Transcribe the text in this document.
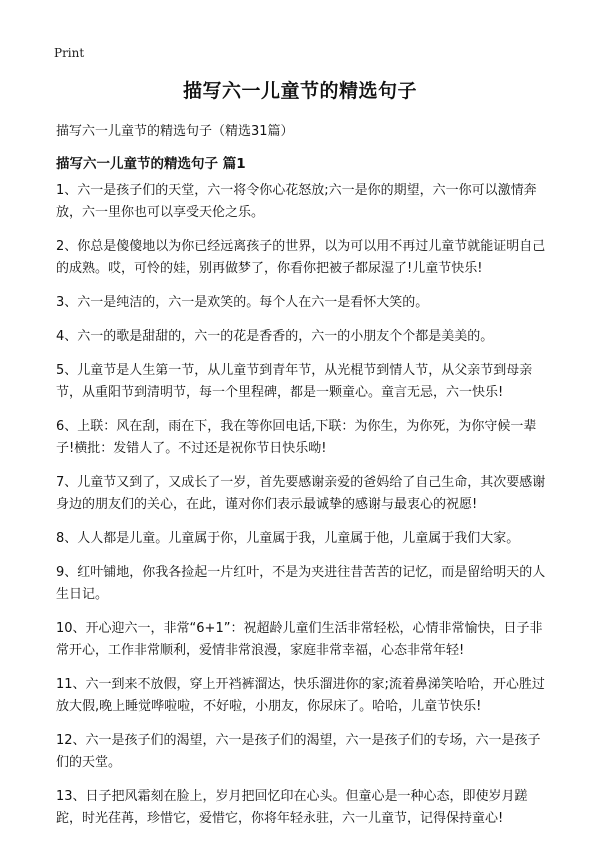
Print
描写六一儿童节的精选句子
描写六一儿童节的精选句子（精选31篇）
描写六一儿童节的精选句子 篇1
1、六一是孩子们的天堂，六一将令你心花怒放;六一是你的期望，六一你可以激情奔放，六一里你也可以享受天伦之乐。
2、你总是傻傻地以为你已经远离孩子的世界，以为可以用不再过儿童节就能证明自己的成熟。哎，可怜的娃，别再做梦了，你看你把被子都尿湿了!儿童节快乐!
3、六一是纯洁的，六一是欢笑的。每个人在六一是看怀大笑的。
4、六一的歌是甜甜的，六一的花是香香的，六一的小朋友个个都是美美的。
5、儿童节是人生第一节，从儿童节到青年节，从光棍节到情人节，从父亲节到母亲节，从重阳节到清明节，每一个里程碑，都是一颗童心。童言无忌，六一快乐!
6、上联：风在刮，雨在下，我在等你回电话,下联：为你生，为你死，为你守候一辈子!横批：发错人了。不过还是祝你节日快乐呦!
7、儿童节又到了，又成长了一岁，首先要感谢亲爱的爸妈给了自己生命，其次要感谢身边的朋友们的关心，在此，谨对你们表示最诚挚的感谢与最衷心的祝愿!
8、人人都是儿童。儿童属于你，儿童属于我，儿童属于他，儿童属于我们大家。
9、红叶铺地，你我各捡起一片红叶，不是为夹进往昔苦苦的记忆，而是留给明天的人生日记。
10、开心迎六一，非常“6+1”：祝超龄儿童们生活非常轻松，心情非常愉快，日子非常开心，工作非常顺利，爱情非常浪漫，家庭非常幸福，心态非常年轻!
11、六一到来不放假，穿上开裆裤溜达，快乐溜进你的家;流着鼻涕笑哈哈，开心胜过放大假,晚上睡觉哗啦啦，不好啦，小朋友，你尿床了。哈哈，儿童节快乐!
12、六一是孩子们的渴望，六一是孩子们的渴望，六一是孩子们的专场，六一是孩子们的天堂。
13、日子把风霜刻在脸上，岁月把回忆印在心头。但童心是一种心态，即使岁月蹉跎，时光荏苒，珍惜它，爱惜它，你将年轻永驻，六一儿童节，记得保持童心!
